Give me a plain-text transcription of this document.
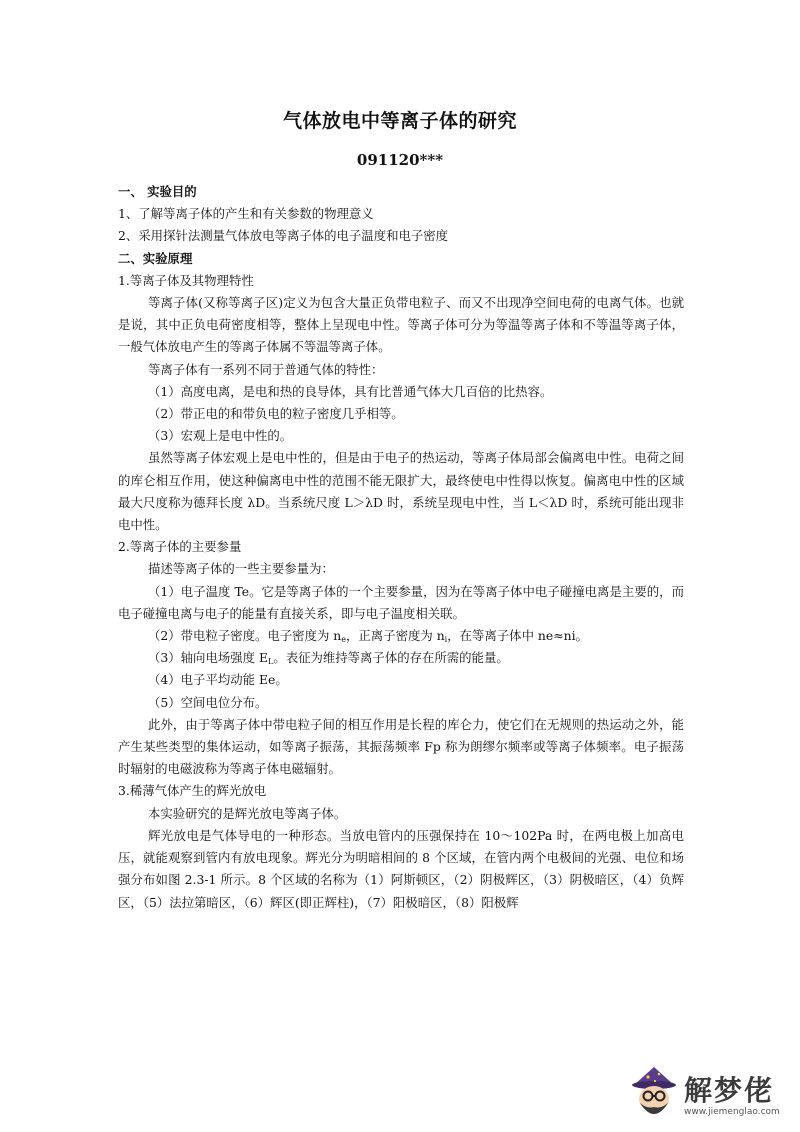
气体放电中等离子体的研究
091120***

一、 实验目的

1、了解等离子体的产生和有关参数的物理意义

2、采用探针法测量气体放电等离子体的电子温度和电子密度

二、实验原理

1.等离子体及其物理特性

等离子体(又称等离子区)定义为包含大量正负带电粒子、而又不出现净空间电荷的电离气体。也就是说，其中正负电荷密度相等，整体上呈现电中性。等离子体可分为等温等离子体和不等温等离子体，一般气体放电产生的等离子体属不等温等离子体。

等离子体有一系列不同于普通气体的特性：

（1）高度电离，是电和热的良导体，具有比普通气体大几百倍的比热容。

（2）带正电的和带负电的粒子密度几乎相等。

（3）宏观上是电中性的。

虽然等离子体宏观上是电中性的，但是由于电子的热运动，等离子体局部会偏离电中性。电荷之间的库仑相互作用，使这种偏离电中性的范围不能无限扩大，最终使电中性得以恢复。偏离电中性的区域最大尺度称为德拜长度 λD。当系统尺度 L＞λD 时，系统呈现电中性，当 L＜λD 时，系统可能出现非电中性。

2.等离子体的主要参量

描述等离子体的一些主要参量为：

（1）电子温度 Te。它是等离子体的一个主要参量，因为在等离子体中电子碰撞电离是主要的，而电子碰撞电离与电子的能量有直接关系，即与电子温度相关联。

（2）带电粒子密度。电子密度为 $n_e$，正离子密度为 $n_i$，在等离子体中 ne≈ni。

（3）轴向电场强度 $E_L$。表征为维持等离子体的存在所需的能量。

（4）电子平均动能 Ee。

（5）空间电位分布。

此外，由于等离子体中带电粒子间的相互作用是长程的库仑力，使它们在无规则的热运动之外，能产生某些类型的集体运动，如等离子振荡，其振荡频率 Fp 称为朗缪尔频率或等离子体频率。电子振荡时辐射的电磁波称为等离子体电磁辐射。

3.稀薄气体产生的辉光放电

本实验研究的是辉光放电等离子体。

辉光放电是气体导电的一种形态。当放电管内的压强保持在 10～102Pa 时，在两电极上加高电压，就能观察到管内有放电现象。辉光分为明暗相间的 8 个区域，在管内两个电极间的光强、电位和场强分布如图 2.3-1 所示。8 个区域的名称为（1）阿斯顿区，（2）阴极辉区，（3）阴极暗区，（4）负辉区，（5）法拉第暗区，（6）辉区(即正辉柱)，（7）阳极暗区，（8）阳极辉

解梦佬
www.jiemenglao.com
